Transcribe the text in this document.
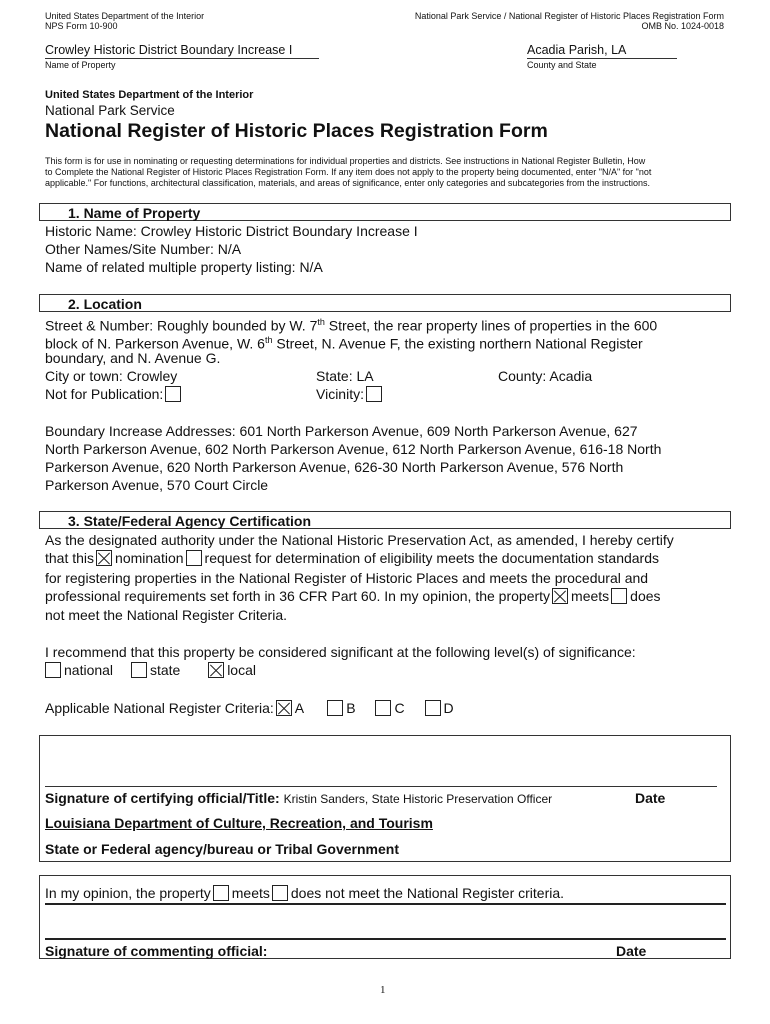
United States Department of the Interior
NPS Form 10-900
National Park Service / National Register of Historic Places Registration Form
OMB No. 1024-0018
Crowley Historic District Boundary Increase I
Name of Property
Acadia Parish, LA
County and State
United States Department of the Interior
National Park Service
National Register of Historic Places Registration Form
This form is for use in nominating or requesting determinations for individual properties and districts. See instructions in National Register Bulletin, How
to Complete the National Register of Historic Places Registration Form. If any item does not apply to the property being documented, enter "N/A" for "not
applicable." For functions, architectural classification, materials, and areas of significance, enter only categories and subcategories from the instructions.
1. Name of Property
Historic Name: Crowley Historic District Boundary Increase I
Other Names/Site Number: N/A
Name of related multiple property listing: N/A
2. Location
Street & Number: Roughly bounded by W. 7th Street, the rear property lines of properties in the 600
block of N. Parkerson Avenue, W. 6th Street, N. Avenue F, the existing northern National Register
boundary, and N. Avenue G.
City or town: Crowley	State: LA	County: Acadia
Not for Publication:	Vicinity:
Boundary Increase Addresses: 601 North Parkerson Avenue, 609 North Parkerson Avenue, 627
North Parkerson Avenue, 602 North Parkerson Avenue, 612 North Parkerson Avenue, 616-18 North
Parkerson Avenue, 620 North Parkerson Avenue, 626-30 North Parkerson Avenue, 576 North
Parkerson Avenue, 570 Court Circle
3. State/Federal Agency Certification
As the designated authority under the National Historic Preservation Act, as amended, I hereby certify
that this nomination request for determination of eligibility meets the documentation standards
for registering properties in the National Register of Historic Places and meets the procedural and
professional requirements set forth in 36 CFR Part 60. In my opinion, the property meets does
not meet the National Register Criteria.
I recommend that this property be considered significant at the following level(s) of significance:
national	state	local
Applicable National Register Criteria: A	B	C	D
Signature of certifying official/Title: Kristin Sanders, State Historic Preservation Officer	Date
Louisiana Department of Culture, Recreation, and Tourism
State or Federal agency/bureau or Tribal Government
In my opinion, the property meets does not meet the National Register criteria.
Signature of commenting official:	Date
1
